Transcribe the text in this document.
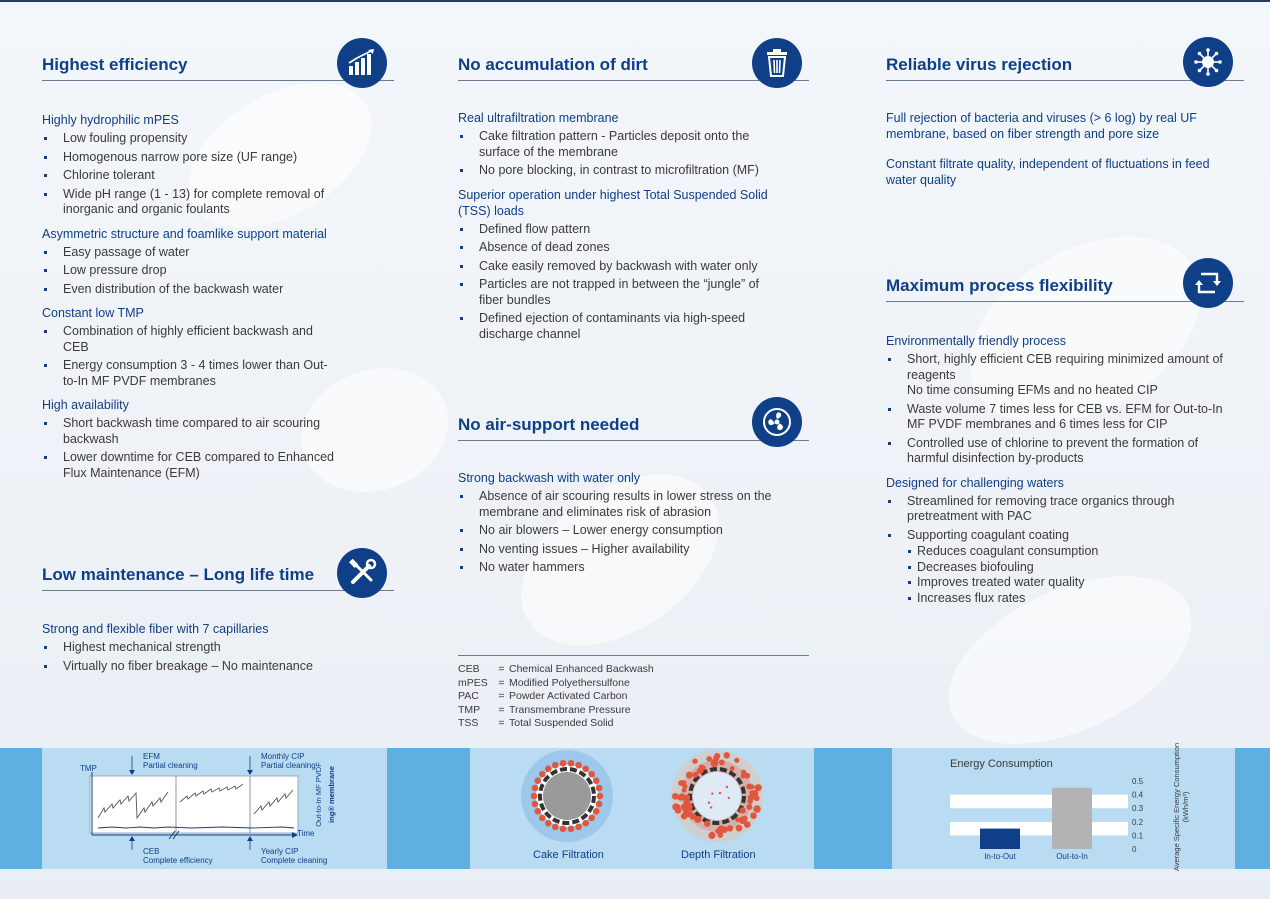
Highest efficiency
Highly hydrophilic mPES
Low fouling propensity
Homogenous narrow pore size (UF range)
Chlorine tolerant
Wide pH range (1 - 13) for complete removal of inorganic and organic foulants
Asymmetric structure and foamlike support material
Easy passage of water
Low pressure drop
Even distribution of the backwash water
Constant low TMP
Combination of highly efficient backwash and CEB
Energy consumption 3 - 4 times lower than Out-to-In MF PVDF membranes
High availability
Short backwash time compared to air scouring backwash
Lower downtime for CEB compared to Enhanced Flux Maintenance (EFM)
Low maintenance – Long life time
Strong and flexible fiber with 7 capillaries
Highest mechanical strength
Virtually no fiber breakage – No maintenance
No accumulation of dirt
Real ultrafiltration membrane
Cake filtration pattern - Particles deposit onto the surface of the membrane
No pore blocking, in contrast to microfiltration (MF)
Superior operation under highest Total Suspended Solid (TSS) loads
Defined flow pattern
Absence of dead zones
Cake easily removed by backwash with water only
Particles are not trapped in between the “jungle” of fiber bundles
Defined ejection of contaminants via high-speed discharge channel
No air-support needed
Strong backwash with water only
Absence of air scouring results in lower stress on the membrane and eliminates risk of abrasion
No air blowers – Lower energy consumption
No venting issues – Higher availability
No water hammers
CEB	= Chemical Enhanced Backwash
mPES	= Modified Polyethersulfone
PAC	= Powder Activated Carbon
TMP	= Transmembrane Pressure
TSS	= Total Suspended Solid
Reliable virus rejection
Full rejection of bacteria and viruses (> 6 log) by real UF membrane, based on fiber strength and pore size
Constant filtrate quality, independent of fluctuations in feed water quality
Maximum process flexibility
Environmentally friendly process
Short, highly efficient CEB requiring minimized amount of reagents
No time consuming EFMs and no heated CIP
Waste volume 7 times less for CEB vs. EFM for Out-to-In MF PVDF membranes and 6 times less for CIP
Controlled use of chlorine to prevent the formation of harmful disinfection by-products
Designed for challenging waters
Streamlined for removing trace organics through pretreatment with PAC
Supporting coagulant coating
Reduces coagulant consumption
Decreases biofouling
Improves treated water quality
Increases flux rates
TMP
Time
EFM
Partial cleaning
Monthly CIP
Partial cleaning
CEB
Complete efficiency
Yearly CIP
Complete cleaning
Out-to-In MF PVDF ing® membrane
Cake Filtration	Depth Filtration
Energy Consumption
0
0.1
0.2
0.3
0.4
0.5
In-to-Out	Out-to-In	Average Specific Energy Consumption (kWh/m³)
